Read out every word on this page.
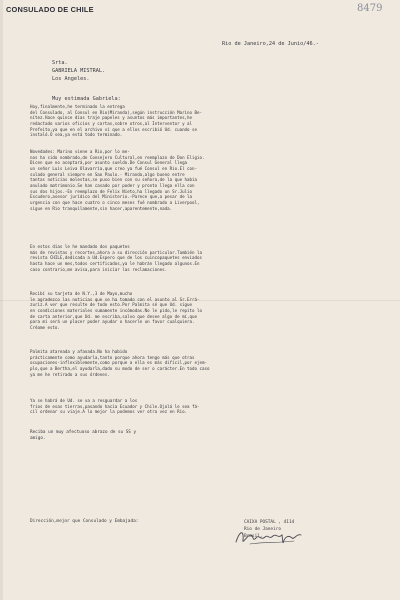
CONSULADO DE CHILE	8479
Rio de Janeiro,24 de Junio/46.-
Srta.
GABRIELA MISTRAL.
Los Angeles.
Muy estimada Gabriela:

Hoy,finalmente,he terminado la entrega
del Consulado, al Consul en Rio(Miranda),según instrucción Marino Be-
nítez.Hace quince días traje papeles y asuntos más importantes,he
redactado varios oficios y cartas,sobre otros,al Interventor y al
Prefeito,ya que en el archivo ví que a ellos escribió Ud. cuando se
instaló.O sea,ya está todo terminado.

Novedades: Marino viene a Rio,por lo me-
nos ha sido nombrado,de Consejero Cultural,en reemplazo de Don Eligio.
Dicen que no aceptará,por asunto sueldo.De Consul General llega
un señor Luis Leiva Olavarría,que creo ya fué Consul en Rio.El con-
sulado general siempre en Sao Paulo.- Miranda,algo bueno entre
tantas noticias molestas,se puso bien con su señora,de la que había
anulado matrimonio.Se han casado por poder y pronto llega ella con
sus dos hijos.-En reemplazo de Felix Nieto,ha llegado un Sr.Julio
Escudero,asesor jurídico del Ministerio.-Parece que,a pesar de la
urgencia con que hace cuatro o cinco meses fué nombrado a Liverpool,
sigue en Rio tranquilamente,sin hacer,aparentemente,nada.

En estos días le he mandado dos paquetes
más de revistas y recortes,ahora a su dirección particular.También la
revista CHILE,dedicada a Ud.Espero que de los cuincopaquetes enviados
hasta hace un mes,todos certificados,ya le habrán llegado algunos.En
caso contrario,me avisa,para iniciar las reclamaciones.

Recibí su tarjeta de N.Y.,3 de Mayo,mucho
le agradezco las noticias que se ha tomado con el asunto al Sr.Errá-
zuriz.A ver que resulte de todo esto.Por Palmita sé que Ud. sigue
en condiciones materiales sumamente incómodas.No le pido,le repito lo
de carta anterior,que Ud. me escriba,salvo que desee algo de mí,que
para mí será un placer poder ayudar o hacerle un favor cualquiera.
Créame esto.

Palmita atareada y afanada.No ha habido
prácticamente como ayudarla,tanto porque ahora tengo más que otras
ocupaciones-inflexiblemente,como porque a ella es más difícil,por ejem-
plo,que a Bertha,el ayudarla,dado su modo de ser o carácter.En todo caso
ya me he retirado a sus órdenes.

Ya se habrá de Ud. se va a resguardar a los
fríos de esas tierras,pasando hacia Ecuador y Chile.Ojalá le sea fá-
cil ordenar su viaje.A lo mejor la podemos ver otra vez en Rio.

Reciba un muy afectuoso abrazo de su SS y
amigo.

Dirección,mejor que Consulado y Embajada:	CAIXA POSTAL , 4114
Rio de Janeiro
Brasil.
